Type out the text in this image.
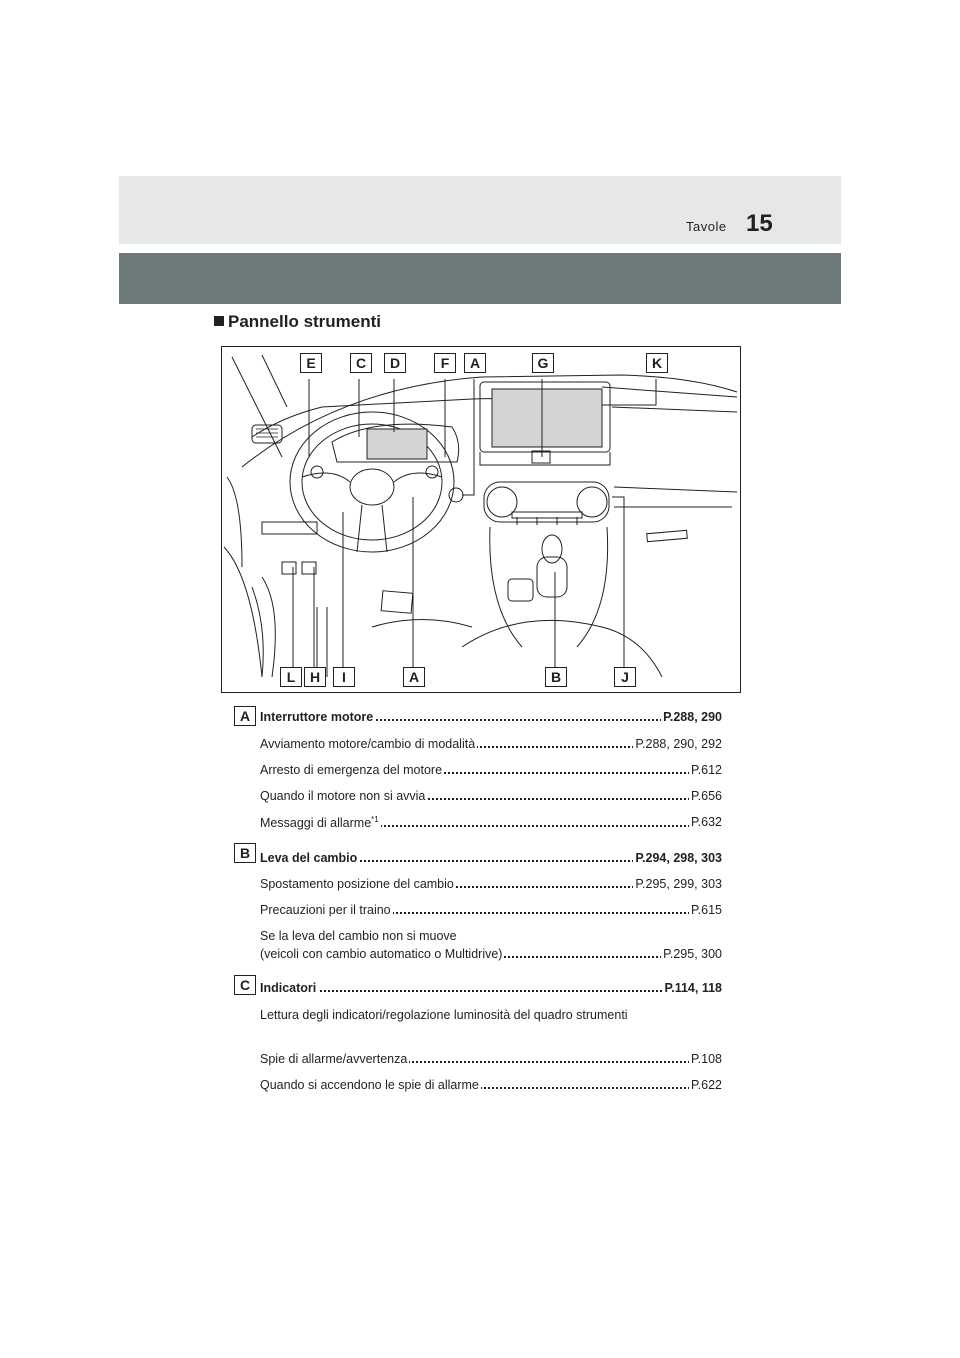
Tavole 15
Pannello strumenti
E	C	D	F	A	G	K
L	H	I	A	B	J
A Interruttore motore	P.288, 290
Avviamento motore/cambio di modalità	P.288, 290, 292
Arresto di emergenza del motore	P.612
Quando il motore non si avvia	P.656
Messaggi di allarme$^{*1}$	P.632
B Leva del cambio	P.294, 298, 303
Spostamento posizione del cambio	P.295, 299, 303
Precauzioni per il traino	P.615
Se la leva del cambio non si muove
(veicoli con cambio automatico o Multidrive)	P.295, 300
C Indicatori	P.114, 118
Lettura degli indicatori/regolazione luminosità del quadro strumenti
Spie di allarme/avvertenza	P.108
Quando si accendono le spie di allarme	P.622
